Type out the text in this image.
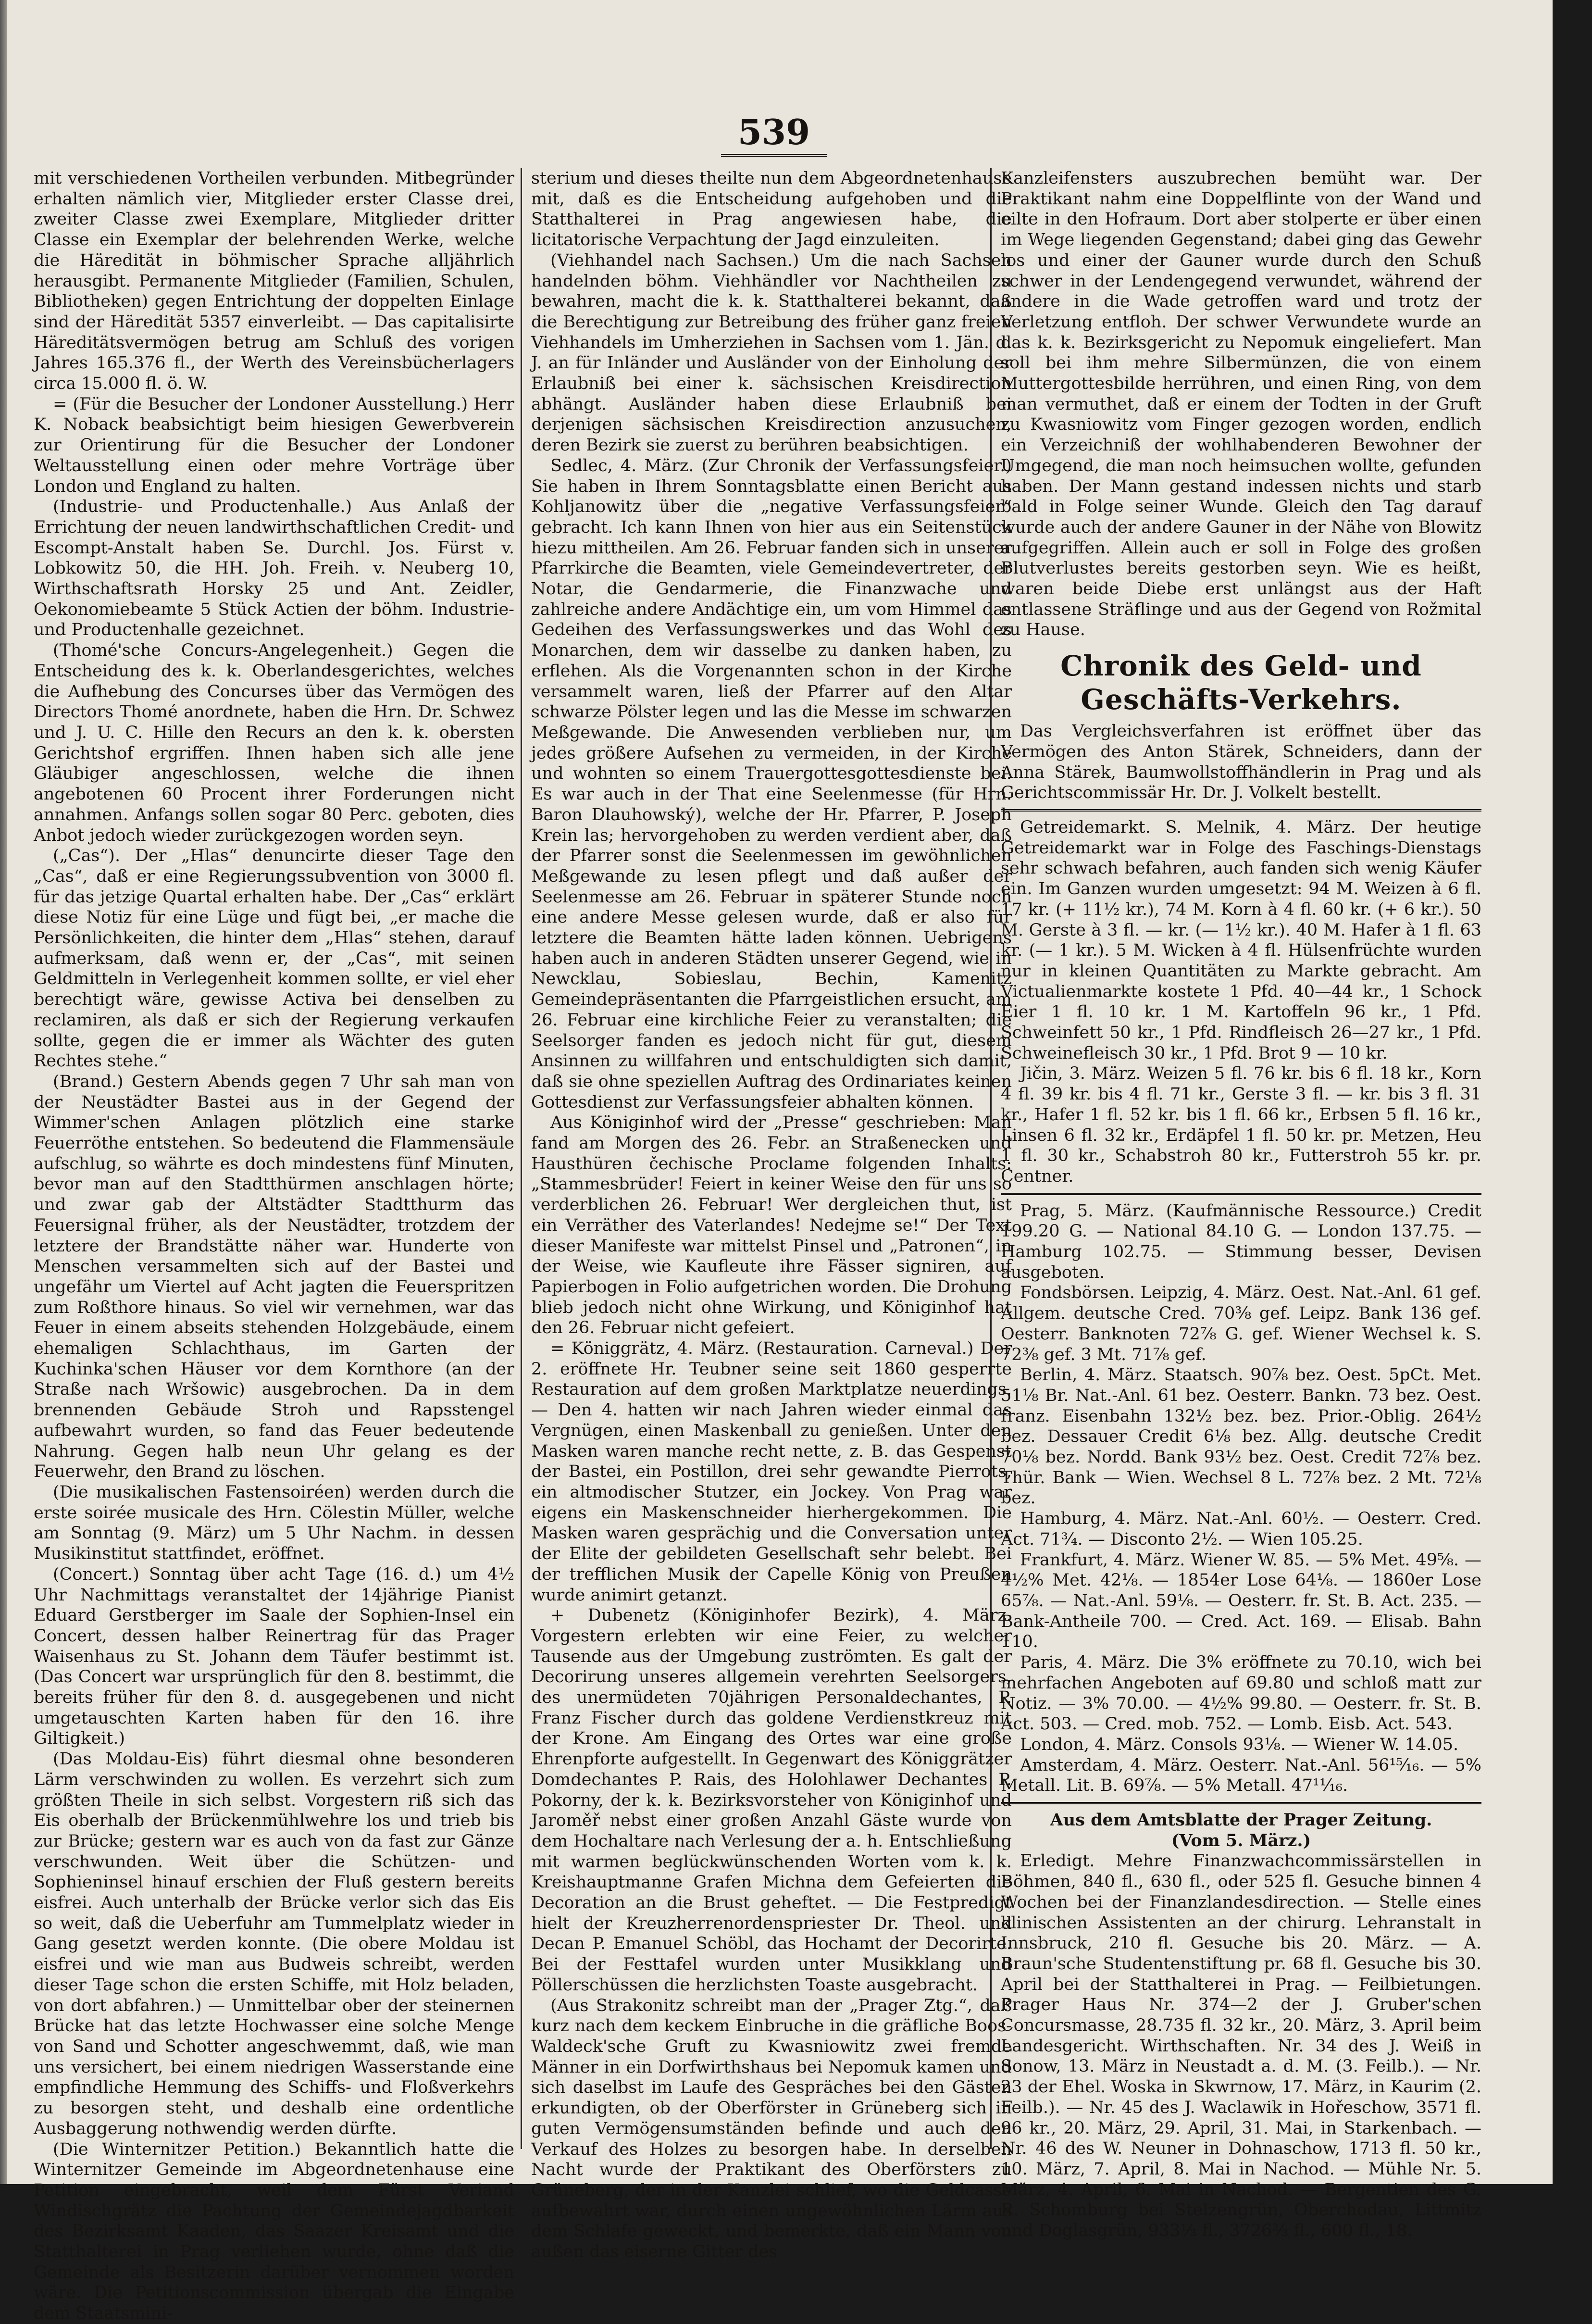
539

mit verschiedenen Vortheilen verbunden. Mitbegründer erhalten nämlich vier, Mitglieder erster Classe drei, zweiter Classe zwei Exemplare, Mitglieder dritter Classe ein Exemplar der belehrenden Werke, welche die Häredität in böhmischer Sprache alljährlich herausgibt. Permanente Mitglieder (Familien, Schulen, Bibliotheken) gegen Entrichtung der doppelten Einlage sind der Häredität 5357 einverleibt. — Das capitalisirte Häreditätsvermögen betrug am Schluß des vorigen Jahres 165.376 fl., der Werth des Vereinsbücherlagers circa 15.000 fl. ö. W.

= (Für die Besucher der Londoner Ausstellung.) Herr K. Noback beabsichtigt beim hiesigen Gewerbverein zur Orientirung für die Besucher der Londoner Weltausstellung einen oder mehre Vorträge über London und England zu halten.

(Industrie- und Productenhalle.) Aus Anlaß der Errichtung der neuen landwirthschaftlichen Credit- und Escompt-Anstalt haben Se. Durchl. Jos. Fürst v. Lobkowitz 50, die HH. Joh. Freih. v. Neuberg 10, Wirthschaftsrath Horsky 25 und Ant. Zeidler, Oekonomiebeamte 5 Stück Actien der böhm. Industrie- und Productenhalle gezeichnet.

(Thomé'sche Concurs-Angelegenheit.) Gegen die Entscheidung des k. k. Oberlandesgerichtes, welches die Aufhebung des Concurses über das Vermögen des Directors Thomé anordnete, haben die Hrn. Dr. Schwez und J. U. C. Hille den Recurs an den k. k. obersten Gerichtshof ergriffen. Ihnen haben sich alle jene Gläubiger angeschlossen, welche die ihnen angebotenen 60 Procent ihrer Forderungen nicht annahmen. Anfangs sollen sogar 80 Perc. geboten, dies Anbot jedoch wieder zurückgezogen worden seyn.

(„Cas“). Der „Hlas“ denuncirte dieser Tage den „Cas“, daß er eine Regierungssubvention von 3000 fl. für das jetzige Quartal erhalten habe. Der „Cas“ erklärt diese Notiz für eine Lüge und fügt bei, „er mache die Persönlichkeiten, die hinter dem „Hlas“ stehen, darauf aufmerksam, daß wenn er, der „Cas“, mit seinen Geldmitteln in Verlegenheit kommen sollte, er viel eher berechtigt wäre, gewisse Activa bei denselben zu reclamiren, als daß er sich der Regierung verkaufen sollte, gegen die er immer als Wächter des guten Rechtes stehe.“

(Brand.) Gestern Abends gegen 7 Uhr sah man von der Neustädter Bastei aus in der Gegend der Wimmer'schen Anlagen plötzlich eine starke Feuerröthe entstehen. So bedeutend die Flammensäule aufschlug, so währte es doch mindestens fünf Minuten, bevor man auf den Stadtthürmen anschlagen hörte; und zwar gab der Altstädter Stadtthurm das Feuersignal früher, als der Neustädter, trotzdem der letztere der Brandstätte näher war. Hunderte von Menschen versammelten sich auf der Bastei und ungefähr um Viertel auf Acht jagten die Feuerspritzen zum Roßthore hinaus. So viel wir vernehmen, war das Feuer in einem abseits stehenden Holzgebäude, einem ehemaligen Schlachthaus, im Garten der Kuchinka'schen Häuser vor dem Kornthore (an der Straße nach Wršowic) ausgebrochen. Da in dem brennenden Gebäude Stroh und Rapsstengel aufbewahrt wurden, so fand das Feuer bedeutende Nahrung. Gegen halb neun Uhr gelang es der Feuerwehr, den Brand zu löschen.

(Die musikalischen Fastensoiréen) werden durch die erste soirée musicale des Hrn. Cölestin Müller, welche am Sonntag (9. März) um 5 Uhr Nachm. in dessen Musikinstitut stattfindet, eröffnet.

(Concert.) Sonntag über acht Tage (16. d.) um 4½ Uhr Nachmittags veranstaltet der 14jährige Pianist Eduard Gerstberger im Saale der Sophien-Insel ein Concert, dessen halber Reinertrag für das Prager Waisenhaus zu St. Johann dem Täufer bestimmt ist. (Das Concert war ursprünglich für den 8. bestimmt, die bereits früher für den 8. d. ausgegebenen und nicht umgetauschten Karten haben für den 16. ihre Giltigkeit.)

(Das Moldau-Eis) führt diesmal ohne besonderen Lärm verschwinden zu wollen. Es verzehrt sich zum größten Theile in sich selbst. Vorgestern riß sich das Eis oberhalb der Brückenmühlwehre los und trieb bis zur Brücke; gestern war es auch von da fast zur Gänze verschwunden. Weit über die Schützen- und Sophieninsel hinauf erschien der Fluß gestern bereits eisfrei. Auch unterhalb der Brücke verlor sich das Eis so weit, daß die Ueberfuhr am Tummelplatz wieder in Gang gesetzt werden konnte. (Die obere Moldau ist eisfrei und wie man aus Budweis schreibt, werden dieser Tage schon die ersten Schiffe, mit Holz beladen, von dort abfahren.) — Unmittelbar ober der steinernen Brücke hat das letzte Hochwasser eine solche Menge von Sand und Schotter angeschwemmt, daß, wie man uns versichert, bei einem niedrigen Wasserstande eine empfindliche Hemmung des Schiffs- und Floßverkehrs zu besorgen steht, und deshalb eine ordentliche Ausbaggerung nothwendig werden dürfte.

(Die Winternitzer Petition.) Bekanntlich hatte die Winternitzer Gemeinde im Abgeordnetenhause eine Petition eingebracht, weil dem Fürst Veriand Windischgrätz die Pachtung der Gemeindejagdbarkeit des Bezirksamt Kaaden, das Saazer Kreisamt und die Statthalterei in Prag verliehen wurde, ohne daß die Gemeinde als Besitzerin darüber vernommen worden wäre. Die Petitionscommission übergab die Eingabe dem Staatsmini-

sterium und dieses theilte nun dem Abgeordnetenhause mit, daß es die Entscheidung aufgehoben und die Statthalterei in Prag angewiesen habe, die licitatorische Verpachtung der Jagd einzuleiten.

(Viehhandel nach Sachsen.) Um die nach Sachsen handelnden böhm. Viehhändler vor Nachtheilen zu bewahren, macht die k. k. Statthalterei bekannt, daß die Berechtigung zur Betreibung des früher ganz freien Viehhandels im Umherziehen in Sachsen vom 1. Jän. d. J. an für Inländer und Ausländer von der Einholung der Erlaubniß bei einer k. sächsischen Kreisdirection abhängt. Ausländer haben diese Erlaubniß bei derjenigen sächsischen Kreisdirection anzusuchen, deren Bezirk sie zuerst zu berühren beabsichtigen.

Sedlec, 4. März. (Zur Chronik der Verfassungsfeier.) Sie haben in Ihrem Sonntagsblatte einen Bericht aus Kohljanowitz über die „negative Verfassungsfeier“ gebracht. Ich kann Ihnen von hier aus ein Seitenstück hiezu mittheilen. Am 26. Februar fanden sich in unserer Pfarrkirche die Beamten, viele Gemeindevertreter, der Notar, die Gendarmerie, die Finanzwache und zahlreiche andere Andächtige ein, um vom Himmel das Gedeihen des Verfassungswerkes und das Wohl des Monarchen, dem wir dasselbe zu danken haben, zu erflehen. Als die Vorgenannten schon in der Kirche versammelt waren, ließ der Pfarrer auf den Altar schwarze Pölster legen und las die Messe im schwarzen Meßgewande. Die Anwesenden verblieben nur, um jedes größere Aufsehen zu vermeiden, in der Kirche und wohnten so einem Trauergottesgottesdienste bei. Es war auch in der That eine Seelenmesse (für Hrn. Baron Dlauhowský), welche der Hr. Pfarrer, P. Joseph Krein las; hervorgehoben zu werden verdient aber, daß der Pfarrer sonst die Seelenmessen im gewöhnlichen Meßgewande zu lesen pflegt und daß außer der Seelenmesse am 26. Februar in späterer Stunde noch eine andere Messe gelesen wurde, daß er also für letztere die Beamten hätte laden können. Uebrigens haben auch in anderen Städten unserer Gegend, wie in Newcklau, Sobieslau, Bechin, Kamenitz Gemeindepräsentanten die Pfarrgeistlichen ersucht, am 26. Februar eine kirchliche Feier zu veranstalten; die Seelsorger fanden es jedoch nicht für gut, diesem Ansinnen zu willfahren und entschuldigten sich damit, daß sie ohne speziellen Auftrag des Ordinariates keinen Gottesdienst zur Verfassungsfeier abhalten können.

Aus Königinhof wird der „Presse“ geschrieben: Man fand am Morgen des 26. Febr. an Straßenecken und Hausthüren čechische Proclame folgenden Inhalts: „Stammesbrüder! Feiert in keiner Weise den für uns so verderblichen 26. Februar! Wer dergleichen thut, ist ein Verräther des Vaterlandes! Nedejme se!“ Der Text dieser Manifeste war mittelst Pinsel und „Patronen“, in der Weise, wie Kaufleute ihre Fässer signiren, auf Papierbogen in Folio aufgetrichen worden. Die Drohung blieb jedoch nicht ohne Wirkung, und Königinhof hat den 26. Februar nicht gefeiert.

= Königgrätz, 4. März. (Restauration. Carneval.) Der 2. eröffnete Hr. Teubner seine seit 1860 gesperrte Restauration auf dem großen Marktplatze neuerdings. — Den 4. hatten wir nach Jahren wieder einmal das Vergnügen, einen Maskenball zu genießen. Unter den Masken waren manche recht nette, z. B. das Gespenst der Bastei, ein Postillon, drei sehr gewandte Pierrots, ein altmodischer Stutzer, ein Jockey. Von Prag war eigens ein Maskenschneider hierhergekommen. Die Masken waren gesprächig und die Conversation unter der Elite der gebildeten Gesellschaft sehr belebt. Bei der trefflichen Musik der Capelle König von Preußen wurde animirt getanzt.

+ Dubenetz (Königinhofer Bezirk), 4. März. Vorgestern erlebten wir eine Feier, zu welcher Tausende aus der Umgebung zuströmten. Es galt der Decorirung unseres allgemein verehrten Seelsorgers, des unermüdeten 70jährigen Personaldechantes, P. Franz Fischer durch das goldene Verdienstkreuz mit der Krone. Am Eingang des Ortes war eine große Ehrenpforte aufgestellt. In Gegenwart des Königgrätzer Domdechantes P. Rais, des Holohlawer Dechantes P. Pokorny, der k. k. Bezirksvorsteher von Königinhof und Jaroměř nebst einer großen Anzahl Gäste wurde von dem Hochaltare nach Verlesung der a. h. Entschließung mit warmen beglückwünschenden Worten vom k. k. Kreishauptmanne Grafen Michna dem Gefeierten die Decoration an die Brust geheftet. — Die Festpredigt hielt der Kreuzherrenordenspriester Dr. Theol. und Decan P. Emanuel Schöbl, das Hochamt der Decorirte. Bei der Festtafel wurden unter Musikklang und Pöllerschüssen die herzlichsten Toaste ausgebracht.

(Aus Strakonitz schreibt man der „Prager Ztg.“, daß kurz nach dem keckem Einbruche in die gräfliche Boos-Waldeck'sche Gruft zu Kwasniowitz zwei fremde Männer in ein Dorfwirthshaus bei Nepomuk kamen und sich daselbst im Laufe des Gespräches bei den Gästen erkundigten, ob der Oberförster in Grüneberg sich in guten Vermögensumständen befinde und auch den Verkauf des Holzes zu besorgen habe. In derselben Nacht wurde der Praktikant des Oberförsters zu Grüneberg, der in der Kanzlei schlief, wo die Geldcasse aufbewahrt war, durch einen ungewöhnlichen Lärm aus dem Schlafe geweckt, und bemerkte, daß ein Mann von außen das eiserne Gitter des

Kanzleifensters auszubrechen bemüht war. Der Praktikant nahm eine Doppelflinte von der Wand und eilte in den Hofraum. Dort aber stolperte er über einen im Wege liegenden Gegenstand; dabei ging das Gewehr los und einer der Gauner wurde durch den Schuß schwer in der Lendengegend verwundet, während der andere in die Wade getroffen ward und trotz der Verletzung entfloh. Der schwer Verwundete wurde an das k. k. Bezirksgericht zu Nepomuk eingeliefert. Man soll bei ihm mehre Silbermünzen, die von einem Muttergottesbilde herrühren, und einen Ring, von dem man vermuthet, daß er einem der Todten in der Gruft zu Kwasniowitz vom Finger gezogen worden, endlich ein Verzeichniß der wohlhabenderen Bewohner der Umgegend, die man noch heimsuchen wollte, gefunden haben. Der Mann gestand indessen nichts und starb bald in Folge seiner Wunde. Gleich den Tag darauf wurde auch der andere Gauner in der Nähe von Blowitz aufgegriffen. Allein auch er soll in Folge des großen Blutverlustes bereits gestorben seyn. Wie es heißt, waren beide Diebe erst unlängst aus der Haft entlassene Sträflinge und aus der Gegend von Rožmital zu Hause.

Chronik des Geld- und Geschäfts-Verkehrs.

Das Vergleichsverfahren ist eröffnet über das Vermögen des Anton Stärek, Schneiders, dann der Anna Stärek, Baumwollstoffhändlerin in Prag und als Gerichtscommissär Hr. Dr. J. Volkelt bestellt.

Getreidemarkt. S. Melnik, 4. März. Der heutige Getreidemarkt war in Folge des Faschings-Dienstags sehr schwach befahren, auch fanden sich wenig Käufer ein. Im Ganzen wurden umgesetzt: 94 M. Weizen à 6 fl. 17 kr. (+ 11½ kr.), 74 M. Korn à 4 fl. 60 kr. (+ 6 kr.). 50 M. Gerste à 3 fl. — kr. (— 1½ kr.). 40 M. Hafer à 1 fl. 63 kr. (— 1 kr.). 5 M. Wicken à 4 fl. Hülsenfrüchte wurden nur in kleinen Quantitäten zu Markte gebracht. Am Victualienmarkte kostete 1 Pfd. 40—44 kr., 1 Schock Eier 1 fl. 10 kr. 1 M. Kartoffeln 96 kr., 1 Pfd. Schweinfett 50 kr., 1 Pfd. Rindfleisch 26—27 kr., 1 Pfd. Schweinefleisch 30 kr., 1 Pfd. Brot 9 — 10 kr.

Jičin, 3. März. Weizen 5 fl. 76 kr. bis 6 fl. 18 kr., Korn 4 fl. 39 kr. bis 4 fl. 71 kr., Gerste 3 fl. — kr. bis 3 fl. 31 kr., Hafer 1 fl. 52 kr. bis 1 fl. 66 kr., Erbsen 5 fl. 16 kr., Linsen 6 fl. 32 kr., Erdäpfel 1 fl. 50 kr. pr. Metzen, Heu 1 fl. 30 kr., Schabstroh 80 kr., Futterstroh 55 kr. pr. Centner.

Prag, 5. März. (Kaufmännische Ressource.) Credit 199.20 G. — National 84.10 G. — London 137.75. — Hamburg 102.75. — Stimmung besser, Devisen ausgeboten.

Fondsbörsen. Leipzig, 4. März. Oest. Nat.-Anl. 61 gef. Allgem. deutsche Cred. 70⅜ gef. Leipz. Bank 136 gef. Oesterr. Banknoten 72⅞ G. gef. Wiener Wechsel k. S. 72⅜ gef. 3 Mt. 71⅞ gef.

Berlin, 4. März. Staatsch. 90⅞ bez. Oest. 5pCt. Met. 51⅛ Br. Nat.-Anl. 61 bez. Oesterr. Bankn. 73 bez. Oest. franz. Eisenbahn 132½ bez. bez. Prior.-Oblig. 264½ bez. Dessauer Credit 6⅛ bez. Allg. deutsche Credit 70⅛ bez. Nordd. Bank 93½ bez. Oest. Credit 72⅞ bez. Thür. Bank — Wien. Wechsel 8 L. 72⅞ bez. 2 Mt. 72⅛ bez.

Hamburg, 4. März. Nat.-Anl. 60½. — Oesterr. Cred. Act. 71¾. — Disconto 2½. — Wien 105.25.

Frankfurt, 4. März. Wiener W. 85. — 5% Met. 49⅝. — 4½% Met. 42⅛. — 1854er Lose 64⅛. — 1860er Lose 65⅞. — Nat.-Anl. 59⅛. — Oesterr. fr. St. B. Act. 235. — Bank-Antheile 700. — Cred. Act. 169. — Elisab. Bahn 110.

Paris, 4. März. Die 3% eröffnete zu 70.10, wich bei mehrfachen Angeboten auf 69.80 und schloß matt zur Notiz. — 3% 70.00. — 4½% 99.80. — Oesterr. fr. St. B. Act. 503. — Cred. mob. 752. — Lomb. Eisb. Act. 543.

London, 4. März. Consols 93⅛. — Wiener W. 14.05.

Amsterdam, 4. März. Oesterr. Nat.-Anl. 56¹⁵⁄₁₆. — 5% Metall. Lit. B. 69⅞. — 5% Metall. 47¹¹⁄₁₆.

Aus dem Amtsblatte der Prager Zeitung.

(Vom 5. März.)

Erledigt. Mehre Finanzwachcommissärstellen in Böhmen, 840 fl., 630 fl., oder 525 fl. Gesuche binnen 4 Wochen bei der Finanzlandesdirection. — Stelle eines klinischen Assistenten an der chirurg. Lehranstalt in Innsbruck, 210 fl. Gesuche bis 20. März. — A. Braun'sche Studentenstiftung pr. 68 fl. Gesuche bis 30. April bei der Statthalterei in Prag. — Feilbietungen. Prager Haus Nr. 374—2 der J. Gruber'schen Concursmasse, 28.735 fl. 32 kr., 20. März, 3. April beim Landesgericht. Wirthschaften. Nr. 34 des J. Weiß in Sonow, 13. März in Neustadt a. d. M. (3. Feilb.). — Nr. 23 der Ehel. Woska in Skwrnow, 17. März, in Kaurim (2. Feilb.). — Nr. 45 des J. Waclawik in Hořeschow, 3571 fl. 96 kr., 20. März, 29. April, 31. Mai, in Starkenbach. — Nr. 46 des W. Neuner in Dohnaschow, 1713 fl. 50 kr., 10. März, 7. April, 8. Mai in Nachod. — Mühle Nr. 5. März, 4. April, 6. Mai in Nachod. — Bergentien des G. R. Schomburg bei Stelzengrün, Oberchodau, Littmitz und Doglasgrün, 933⅓ fl., 3726⅔ fl., 600 fl., 18.
